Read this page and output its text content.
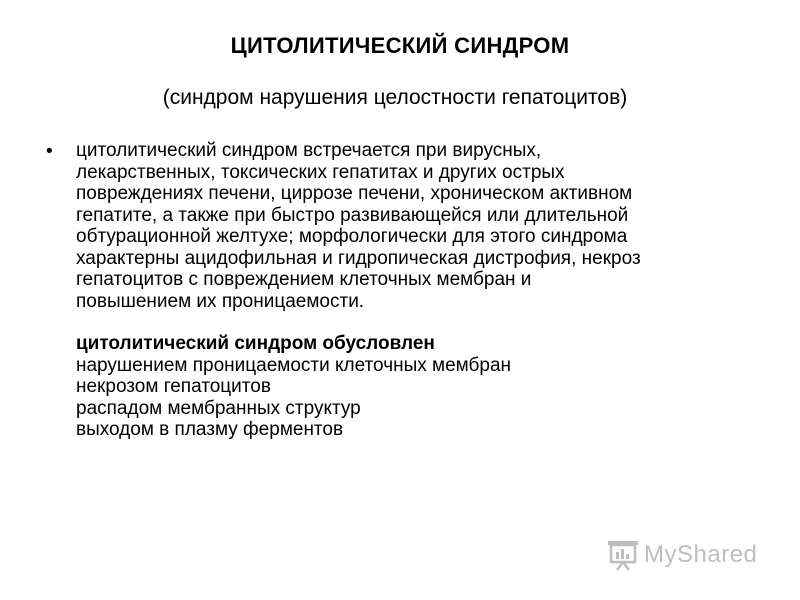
ЦИТОЛИТИЧЕСКИЙ СИНДРОМ
(синдром нарушения целостности гепатоцитов)
• цитолитический синдром встречается при вирусных,
лекарственных, токсических гепатитах и других острых
повреждениях печени, циррозе печени, хроническом активном
гепатите, а также при быстро развивающейся или длительной
обтурационной желтухе; морфологически для этого синдрома
характерны ацидофильная и гидропическая дистрофия, некроз
гепатоцитов с повреждением клеточных мембран и
повышением их проницаемости.
цитолитический синдром обусловлен
нарушением проницаемости клеточных мембран
некрозом гепатоцитов
распадом мембранных структур
выходом в плазму ферментов
MyShared
